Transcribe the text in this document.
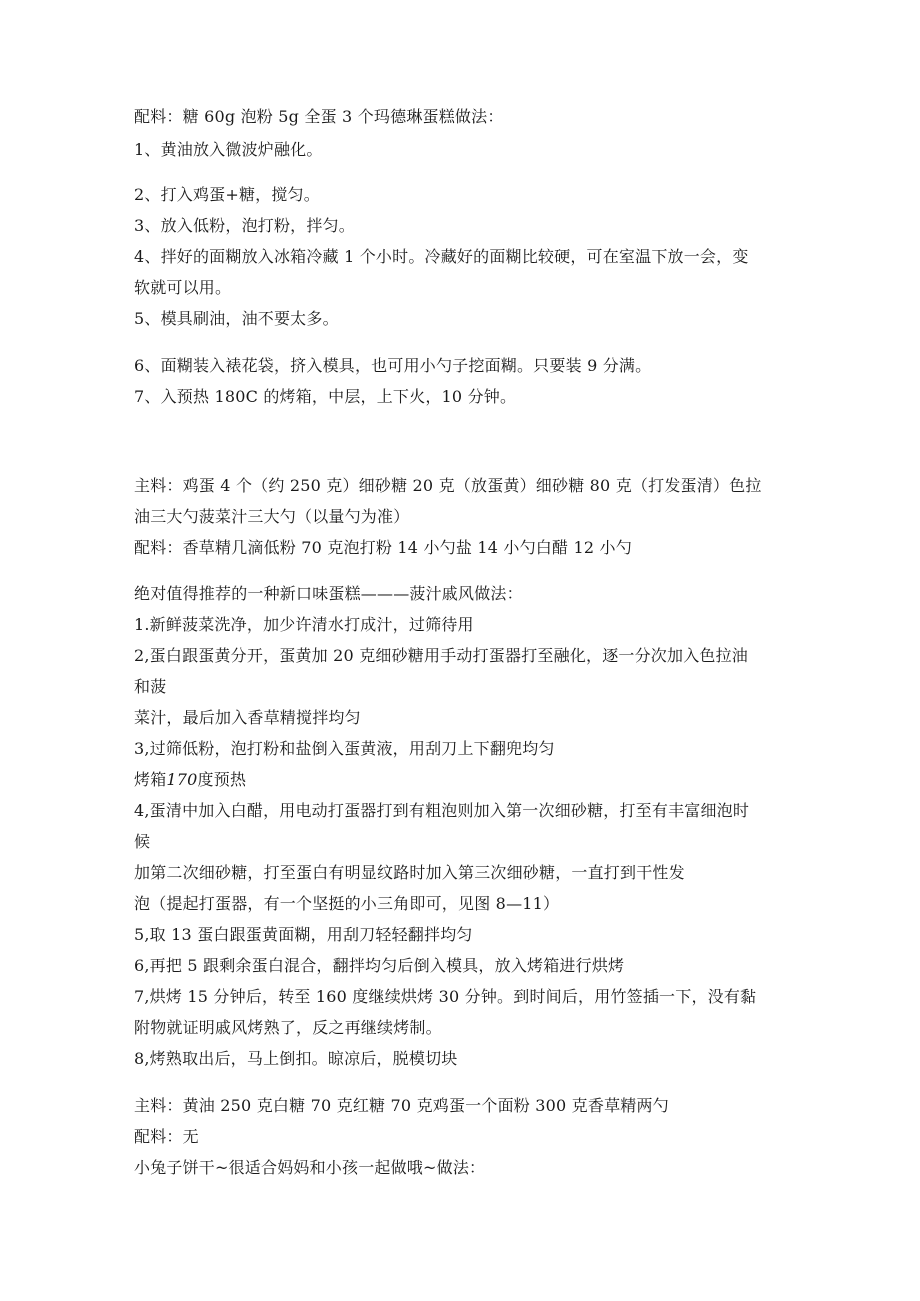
配料：糖 60g 泡粉 5g 全蛋 3 个玛德琳蛋糕做法：

1、黄油放入微波炉融化。

2、打入鸡蛋+糖，搅匀。

3、放入低粉，泡打粉，拌匀。

4、拌好的面糊放入冰箱冷藏 1 个小时。冷藏好的面糊比较硬，可在室温下放一会，变

软就可以用。

5、模具刷油，油不要太多。

6、面糊装入裱花袋，挤入模具，也可用小勺子挖面糊。只要装 9 分满。

7、入预热 180C 的烤箱，中层，上下火，10 分钟。

主料：鸡蛋 4 个（约 250 克）细砂糖 20 克（放蛋黄）细砂糖 80 克（打发蛋清）色拉

油三大勺菠菜汁三大勺（以量勺为准）

配料：香草精几滴低粉 70 克泡打粉 14 小勺盐 14 小勺白醋 12 小勺

绝对值得推荐的一种新口味蛋糕———菠汁戚风做法：

1.新鲜菠菜洗净，加少许清水打成汁，过筛待用

2,蛋白跟蛋黄分开，蛋黄加 20 克细砂糖用手动打蛋器打至融化，逐一分次加入色拉油

和菠

菜汁，最后加入香草精搅拌均匀

3,过筛低粉，泡打粉和盐倒入蛋黄液，用刮刀上下翻兜均匀

烤箱170度预热

4,蛋清中加入白醋，用电动打蛋器打到有粗泡则加入第一次细砂糖，打至有丰富细泡时

候

加第二次细砂糖，打至蛋白有明显纹路时加入第三次细砂糖，一直打到干性发

泡（提起打蛋器，有一个坚挺的小三角即可，见图 8—11）

5,取 13 蛋白跟蛋黄面糊，用刮刀轻轻翻拌均匀

6,再把 5 跟剩余蛋白混合，翻拌均匀后倒入模具，放入烤箱进行烘烤

7,烘烤 15 分钟后，转至 160 度继续烘烤 30 分钟。到时间后，用竹签插一下，没有黏

附物就证明戚风烤熟了，反之再继续烤制。

8,烤熟取出后，马上倒扣。晾凉后，脱模切块

主料：黄油 250 克白糖 70 克红糖 70 克鸡蛋一个面粉 300 克香草精两勺

配料：无

小兔子饼干~很适合妈妈和小孩一起做哦~做法：
